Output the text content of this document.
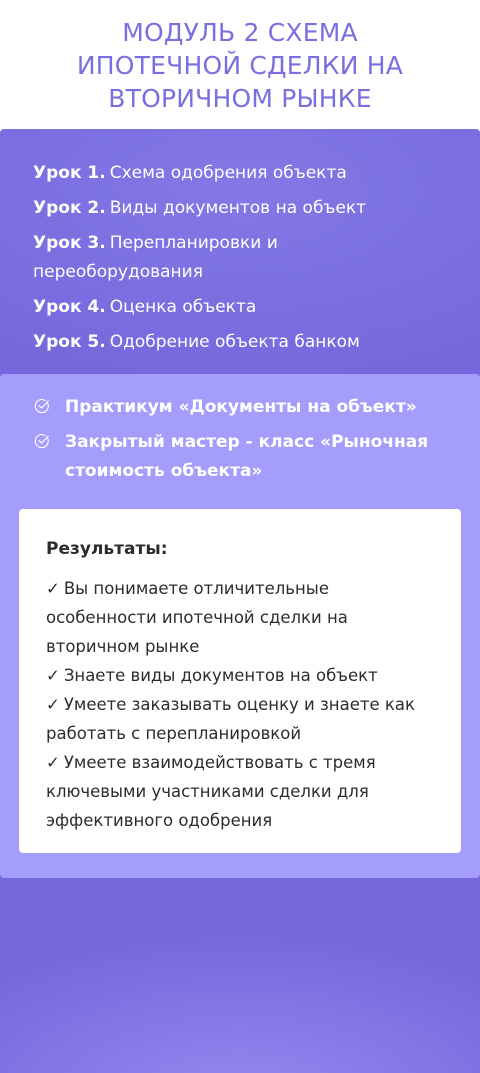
МОДУЛЬ 2 СХЕМА
ИПОТЕЧНОЙ СДЕЛКИ НА
ВТОРИЧНОМ РЫНКЕ
Урок 1. Схема одобрения объекта
Урок 2. Виды документов на объект
Урок 3. Перепланировки и переоборудования
Урок 4. Оценка объекта
Урок 5. Одобрение объекта банком
Практикум «Документы на объект»
Закрытый мастер - класс «Рыночная стоимость объекта»
Результаты:
✓ Вы понимаете отличительные особенности ипотечной сделки на вторичном рынке
✓ Знаете виды документов на объект
✓ Умеете заказывать оценку и знаете как работать с перепланировкой
✓ Умеете взаимодействовать с тремя ключевыми участниками сделки для эффективного одобрения
